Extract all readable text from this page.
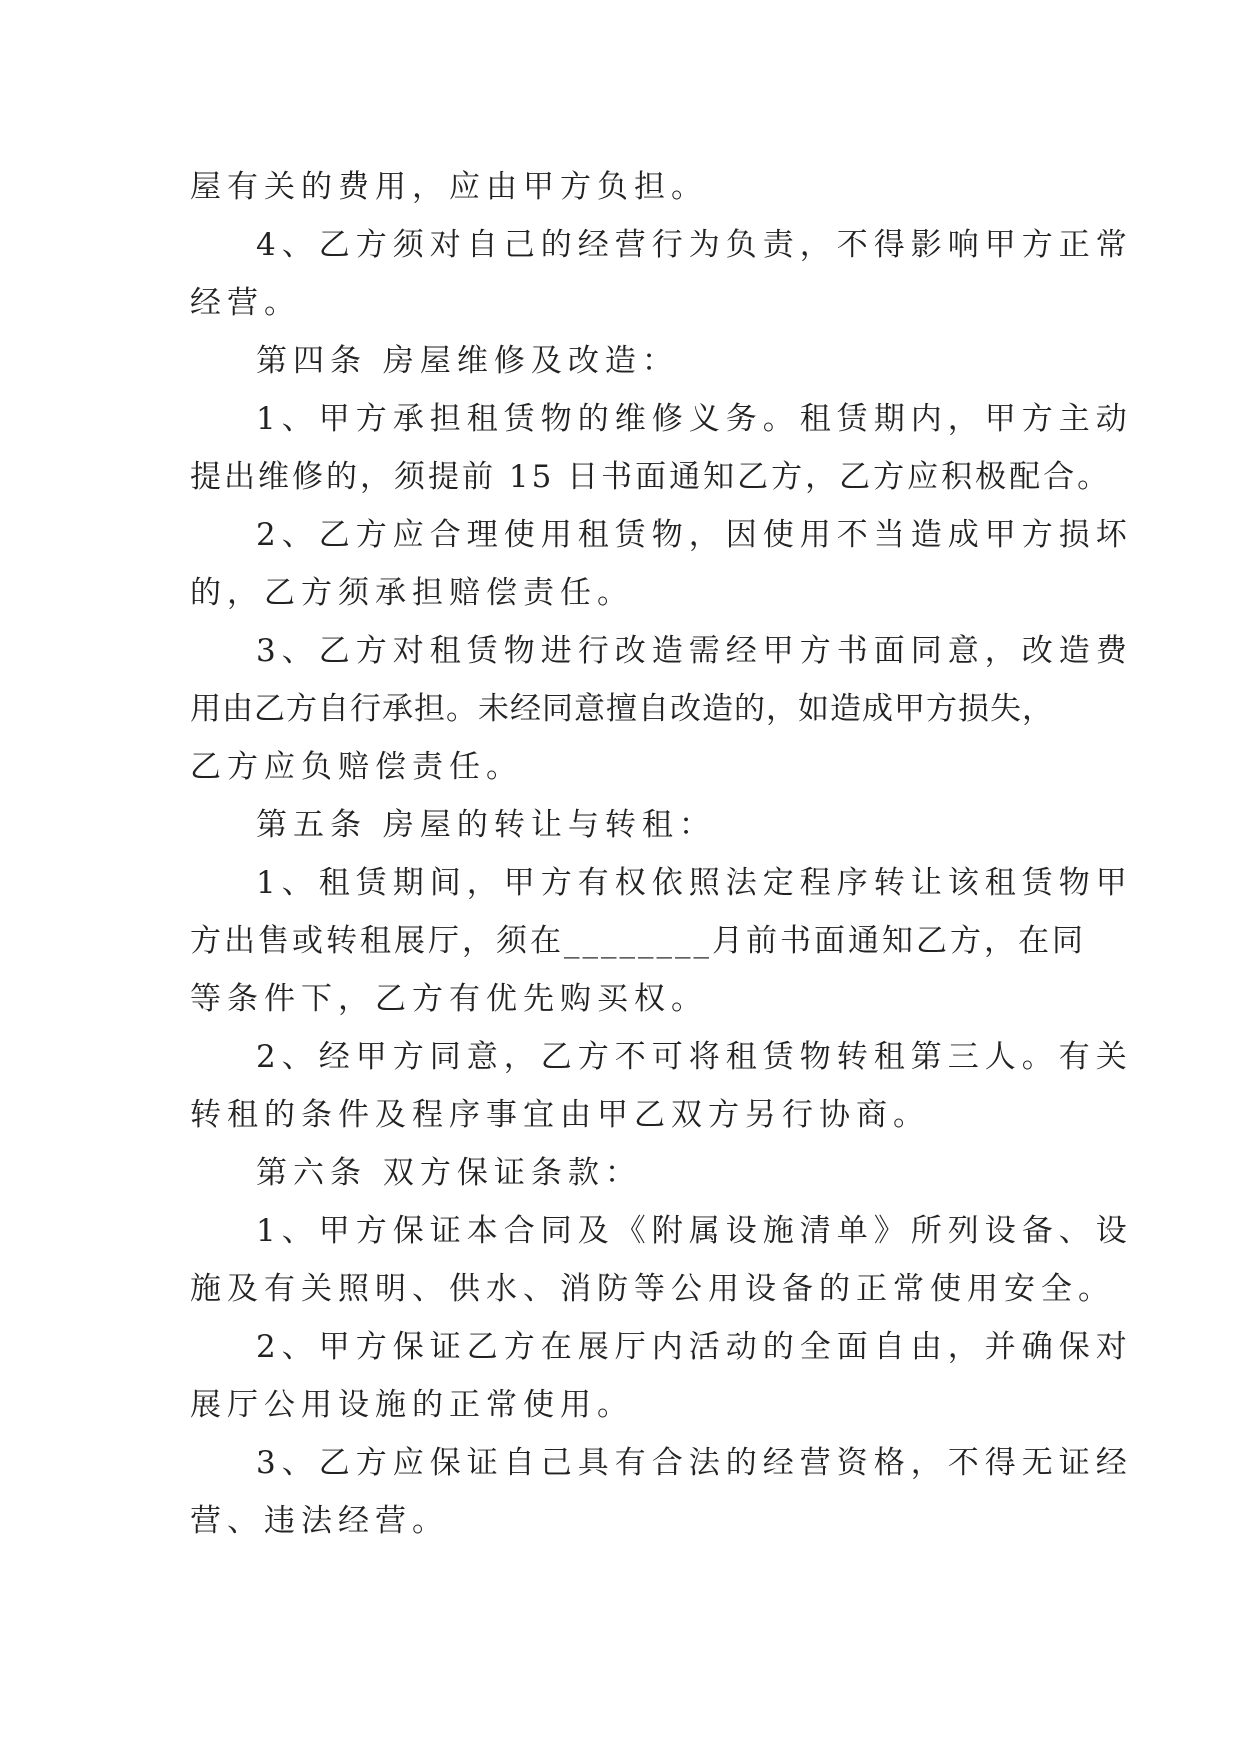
屋有关的费用，应由甲方负担。
4、乙方须对自己的经营行为负责，不得影响甲方正常
经营。
第四条 房屋维修及改造：
1、甲方承担租赁物的维修义务。租赁期内，甲方主动
提出维修的，须提前 15 日书面通知乙方，乙方应积极配合。
2、乙方应合理使用租赁物，因使用不当造成甲方损坏
的，乙方须承担赔偿责任。
3、乙方对租赁物进行改造需经甲方书面同意，改造费
用由乙方自行承担。未经同意擅自改造的，如造成甲方损失，
乙方应负赔偿责任。
第五条 房屋的转让与转租：
1、租赁期间，甲方有权依照法定程序转让该租赁物甲
方出售或转租展厅，须在________月前书面通知乙方，在同
等条件下，乙方有优先购买权。
2、经甲方同意，乙方不可将租赁物转租第三人。有关
转租的条件及程序事宜由甲乙双方另行协商。
第六条 双方保证条款：
1、甲方保证本合同及《附属设施清单》所列设备、设
施及有关照明、供水、消防等公用设备的正常使用安全。
2、甲方保证乙方在展厅内活动的全面自由，并确保对
展厅公用设施的正常使用。
3、乙方应保证自己具有合法的经营资格，不得无证经
营、违法经营。
